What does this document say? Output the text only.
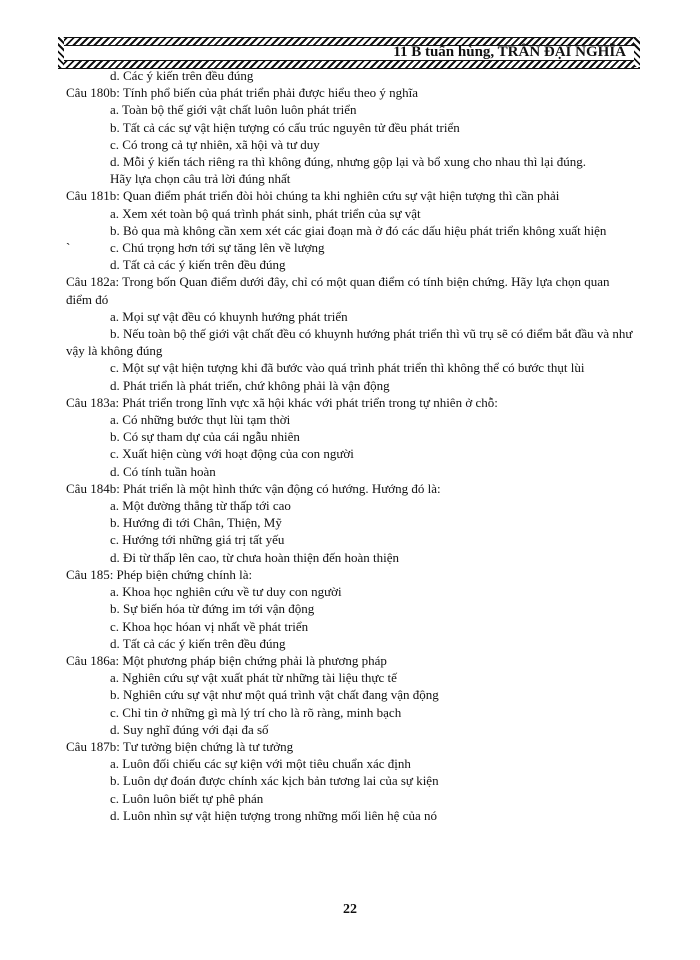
11 B tuấn hùng, TRẦN ĐẠI NGHĨA

d. Các ý kiến trên đều đúng

Câu 180b: Tính phổ biến của phát triển phải được hiểu theo ý nghĩa

a. Toàn bộ thế giới vật chất luôn luôn phát triển

b. Tất cả các sự vật hiện tượng có cấu trúc nguyên tử đều phát triển

c. Có trong cả tự nhiên, xã hội và tư duy

d. Mỗi ý kiến tách riêng ra thì không đúng, nhưng gộp lại và bổ xung cho nhau thì lại đúng.

Hãy lựa chọn câu trả lời đúng nhất

Câu 181b: Quan điểm phát triển đòi hỏi chúng ta khi nghiên cứu sự vật hiện tượng thì cần phải

a. Xem xét toàn bộ quá trình phát sinh, phát triển của sự vật

b. Bỏ qua mà không cần xem xét các giai đoạn mà ở đó các dấu hiệu phát triển không xuất hiện

`	c. Chú trọng hơn tới sự tăng lên về lượng

d. Tất cả các ý kiến trên đều đúng

Câu 182a: Trong bốn Quan điểm dưới đây, chỉ có một quan điểm có tính biện chứng. Hãy lựa chọn quan điểm đó

a. Mọi sự vật đều có khuynh hướng phát triển

b. Nếu toàn bộ thế giới vật chất đều có khuynh hướng phát triển thì vũ trụ sẽ có điểm bắt đầu và như vậy là không đúng

c. Một sự vật hiện tượng khi đã bước vào quá trình phát triển thì không thể có bước thụt lùi

d. Phát triển là phát triển, chứ không phải là vận động

Câu 183a: Phát triển trong lĩnh vực xã hội khác với phát triển trong tự nhiên ở chỗ:

a. Có những bước thụt lùi tạm thời

b. Có sự tham dự của cái ngẫu nhiên

c. Xuất hiện cùng với hoạt động của con người

d. Có tính tuần hoàn

Câu 184b: Phát triển là một hình thức vận động có hướng. Hướng đó là:

a. Một đường thẳng từ thấp tới cao

b. Hướng đi tới Chân, Thiện, Mỹ

c. Hướng tới những giá trị tất yếu

d. Đi từ thấp lên cao, từ chưa hoàn thiện đến hoàn thiện

Câu 185: Phép biện chứng chính là:

a. Khoa học nghiên cứu về tư duy con người

b. Sự biến hóa từ đứng im tới vận động

c. Khoa học hóan vị nhất về phát triển

d. Tất cả các ý kiến trên đều đúng

Câu 186a: Một phương pháp biện chứng phải là phương pháp

a. Nghiên cứu sự vật xuất phát từ những tài liệu thực tế

b. Nghiên cứu sự vật như một quá trình vật chất đang vận động

c. Chỉ tin ở những gì mà lý trí cho là rõ ràng, minh bạch

d. Suy nghĩ đúng với đại đa số

Câu 187b: Tư tưởng biện chứng là tư tưởng

a. Luôn đối chiếu các sự kiện với một tiêu chuẩn xác định

b. Luôn dự đoán được chính xác kịch bản tương lai của sự kiện

c. Luôn luôn biết tự phê phán

d. Luôn nhìn sự vật hiện tượng trong những mối liên hệ của nó

22
